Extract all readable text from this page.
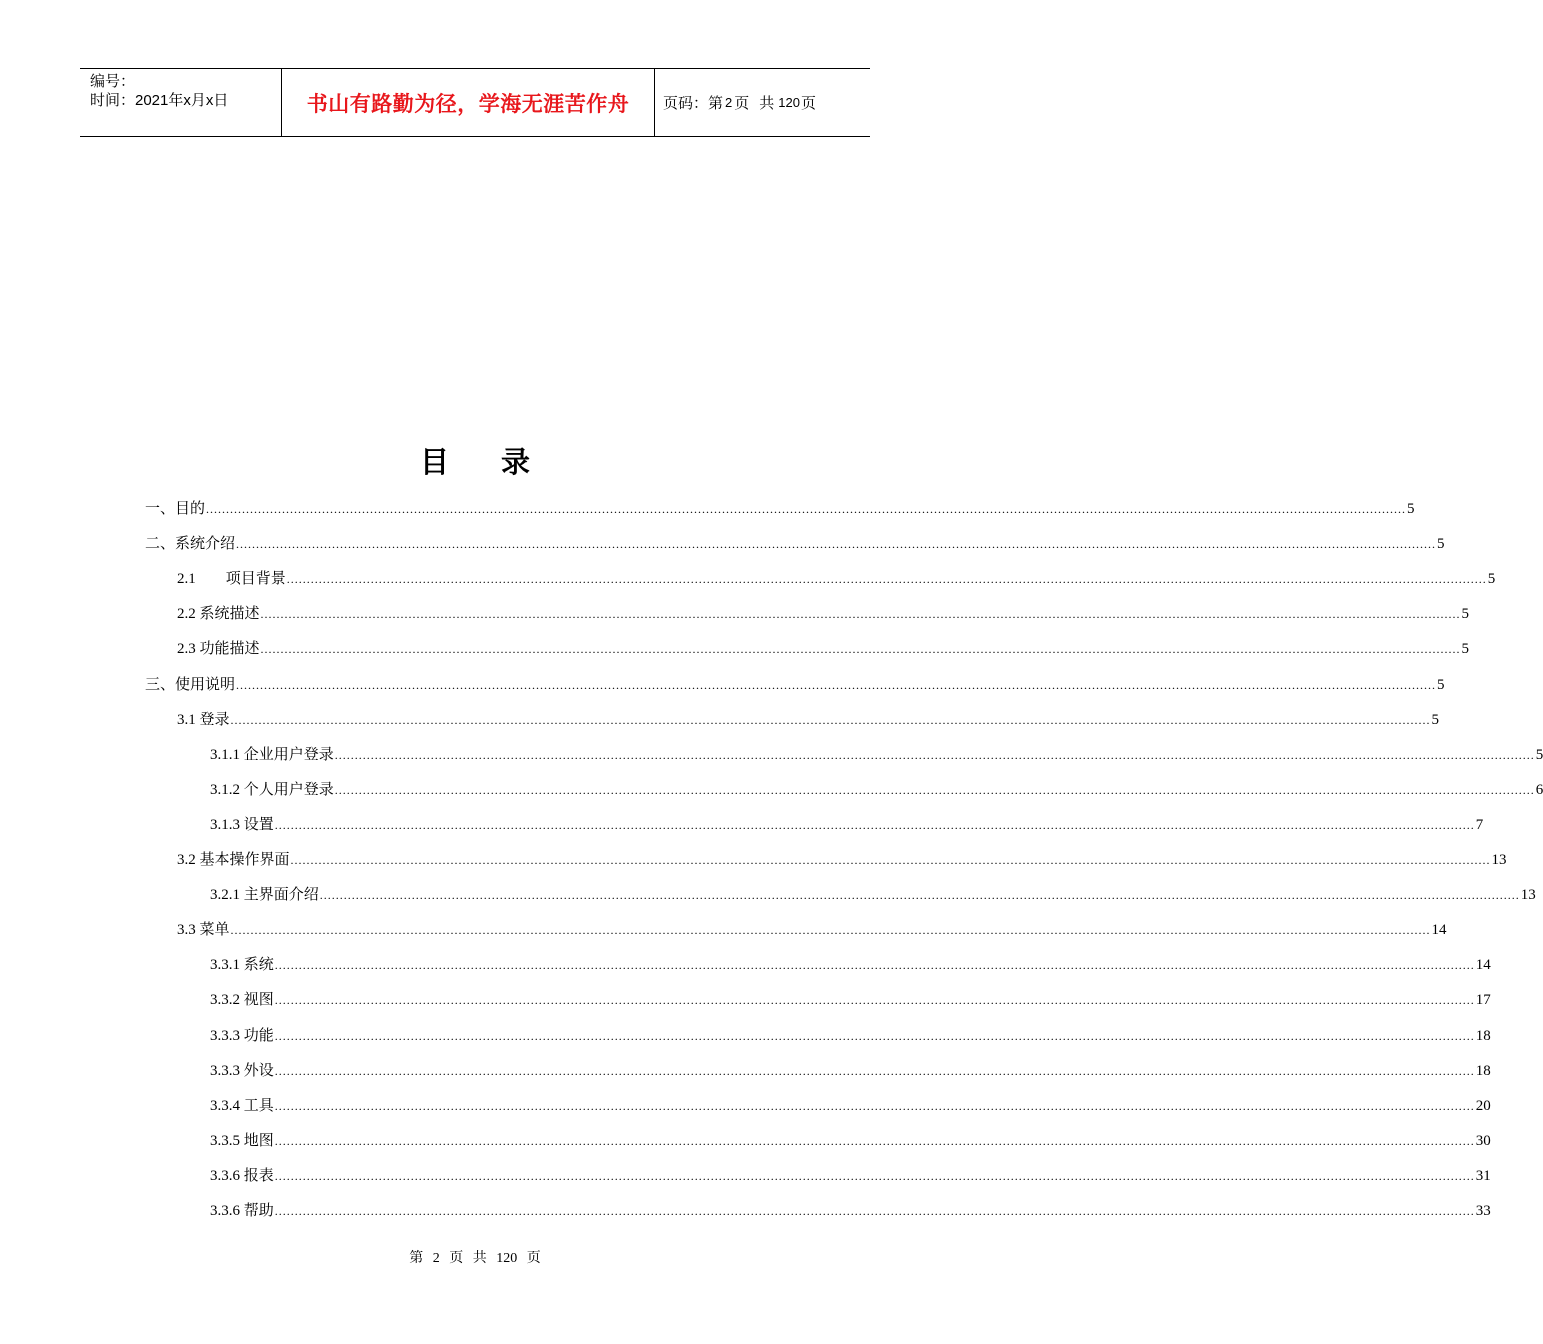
编号：
时间：2021年x月x日	书山有路勤为径，学海无涯苦作舟	页码：第 2 页 共 120 页
目 录
一、目的 ............................................................................................................................................................................................................................................................................................................ 5
二、系统介绍 ............................................................................................................................................................................................................................................................................................................ 5
2.1　　项目背景 ............................................................................................................................................................................................................................................................................................................ 5
2.2 系统描述 ............................................................................................................................................................................................................................................................................................................ 5
2.3 功能描述 ............................................................................................................................................................................................................................................................................................................ 5
三、使用说明 ............................................................................................................................................................................................................................................................................................................ 5
3.1 登录 ............................................................................................................................................................................................................................................................................................................ 5
3.1.1 企业用户登录 ............................................................................................................................................................................................................................................................................................................ 5
3.1.2 个人用户登录 ............................................................................................................................................................................................................................................................................................................ 6
3.1.3 设置 ............................................................................................................................................................................................................................................................................................................ 7
3.2 基本操作界面 ............................................................................................................................................................................................................................................................................................................ 13
3.2.1 主界面介绍 ............................................................................................................................................................................................................................................................................................................ 13
3.3 菜单 ............................................................................................................................................................................................................................................................................................................ 14
3.3.1 系统 ............................................................................................................................................................................................................................................................................................................ 14
3.3.2 视图 ............................................................................................................................................................................................................................................................................................................ 17
3.3.3 功能 ............................................................................................................................................................................................................................................................................................................ 18
3.3.3 外设 ............................................................................................................................................................................................................................................................................................................ 18
3.3.4 工具 ............................................................................................................................................................................................................................................................................................................ 20
3.3.5 地图 ............................................................................................................................................................................................................................................................................................................ 30
3.3.6 报表 ............................................................................................................................................................................................................................................................................................................ 31
3.3.6 帮助 ............................................................................................................................................................................................................................................................................................................ 33
第 2 页 共 120 页
